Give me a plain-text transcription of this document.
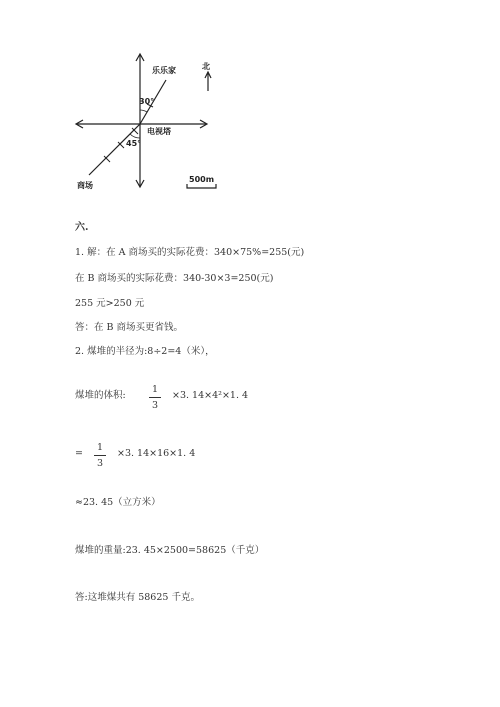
乐乐家
电视塔
商场
30°
45°
北
500m
六.
1. 解：在 A 商场买的实际花费：340×75%=255(元)
在 B 商场买的实际花费：340-30×3=250(元)
255 元>250 元
答：在 B 商场买更省钱。
2. 煤堆的半径为:8÷2=4（米），
煤堆的体积:
1
3
×3. 14×4²×1. 4
=
1
3
×3. 14×16×1. 4
≈23. 45（立方米）
煤堆的重量:23. 45×2500=58625（千克）
答:这堆煤共有 58625 千克。
